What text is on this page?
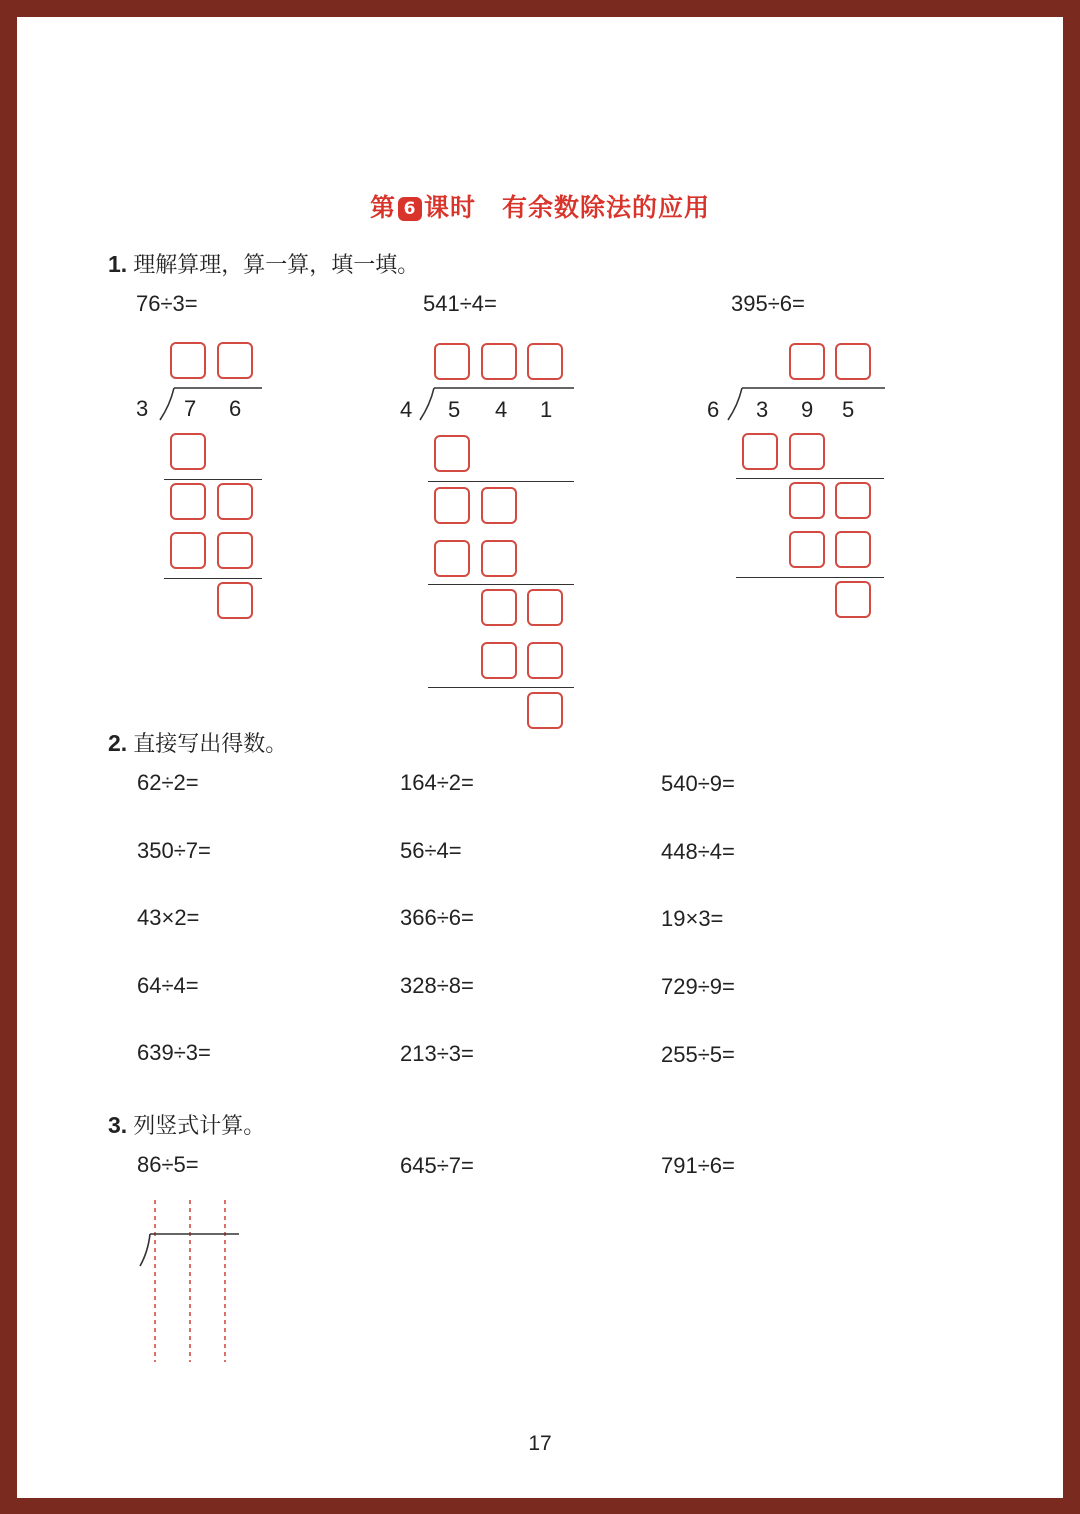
第 6 课时　有余数除法的应用
1. 理解算理，算一算，填一填。
76÷3=	541÷4=	395÷6=
3 7 6	4 5 4 1	6 3 9 5
2. 直接写出得数。
62÷2=	164÷2=	540÷9=
350÷7=	56÷4=	448÷4=
43×2=	366÷6=	19×3=
64÷4=	328÷8=	729÷9=
639÷3=	213÷3=	255÷5=
3. 列竖式计算。
86÷5=	645÷7=	791÷6=
17
